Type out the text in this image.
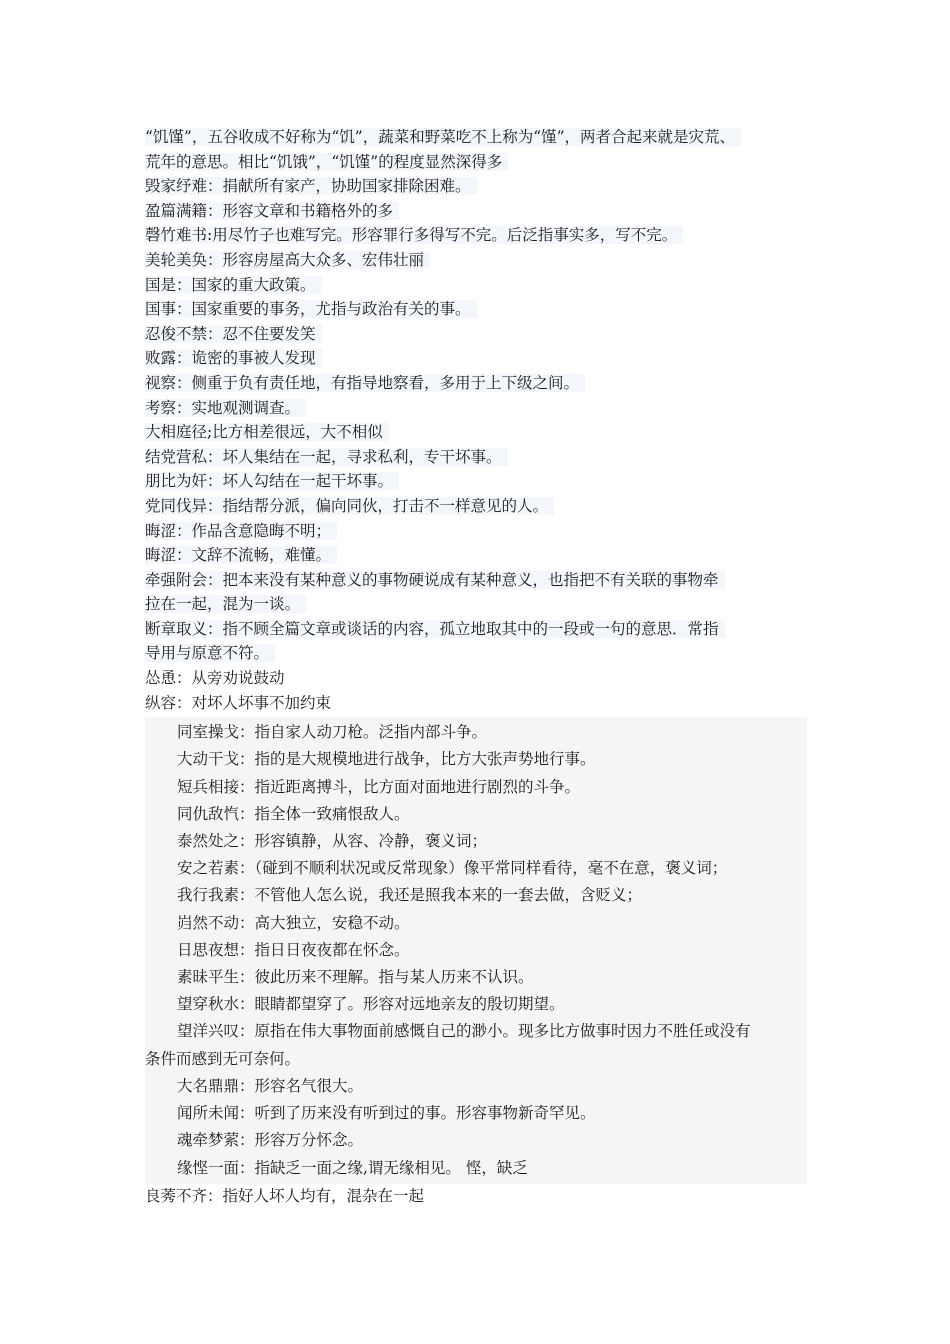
“饥馑”，五谷收成不好称为“饥”，蔬菜和野菜吃不上称为“馑”，两者合起来就是灾荒、
荒年的意思。相比“饥饿”，“饥馑”的程度显然深得多
毁家纾难：捐献所有家产，协助国家排除困难。
盈篇满籍：形容文章和书籍格外的多
磬竹难书:用尽竹子也难写完。形容罪行多得写不完。后泛指事实多，写不完。
美轮美奂：形容房屋高大众多、宏伟壮丽
国是：国家的重大政策。
国事：国家重要的事务，尤指与政治有关的事。
忍俊不禁：忍不住要发笑
败露：诡密的事被人发现
视察：侧重于负有责任地，有指导地察看，多用于上下级之间。
考察：实地观测调查。
大相庭径;比方相差很远，大不相似
结党营私：坏人集结在一起，寻求私利，专干坏事。
朋比为奸：坏人勾结在一起干坏事。
党同伐异：指结帮分派，偏向同伙，打击不一样意见的人。
晦涩：作品含意隐晦不明；
晦涩：文辞不流畅，难懂。
牵强附会：把本来没有某种意义的事物硬说成有某种意义，也指把不有关联的事物牵
拉在一起，混为一谈。
断章取义：指不顾全篇文章或谈话的内容，孤立地取其中的一段或一句的意思．常指
导用与原意不符。
怂恿：从旁劝说鼓动
纵容：对坏人坏事不加约束
同室操戈：指自家人动刀枪。泛指内部斗争。
大动干戈：指的是大规模地进行战争，比方大张声势地行事。
短兵相接：指近距离搏斗，比方面对面地进行剧烈的斗争。
同仇敌忾：指全体一致痛恨敌人。
泰然处之：形容镇静，从容、冷静，褒义词；
安之若素：（碰到不顺利状况或反常现象）像平常同样看待，毫不在意，褒义词；
我行我素：不管他人怎么说，我还是照我本来的一套去做，含贬义；
岿然不动：高大独立，安稳不动。
日思夜想：指日日夜夜都在怀念。
素昧平生：彼此历来不理解。指与某人历来不认识。
望穿秋水：眼睛都望穿了。形容对远地亲友的殷切期望。
望洋兴叹：原指在伟大事物面前感慨自己的渺小。现多比方做事时因力不胜任或没有
条件而感到无可奈何。
大名鼎鼎：形容名气很大。
闻所未闻：听到了历来没有听到过的事。形容事物新奇罕见。
魂牵梦萦：形容万分怀念。
缘悭一面：指缺乏一面之缘,谓无缘相见。 悭，缺乏
良莠不齐：指好人坏人均有，混杂在一起
